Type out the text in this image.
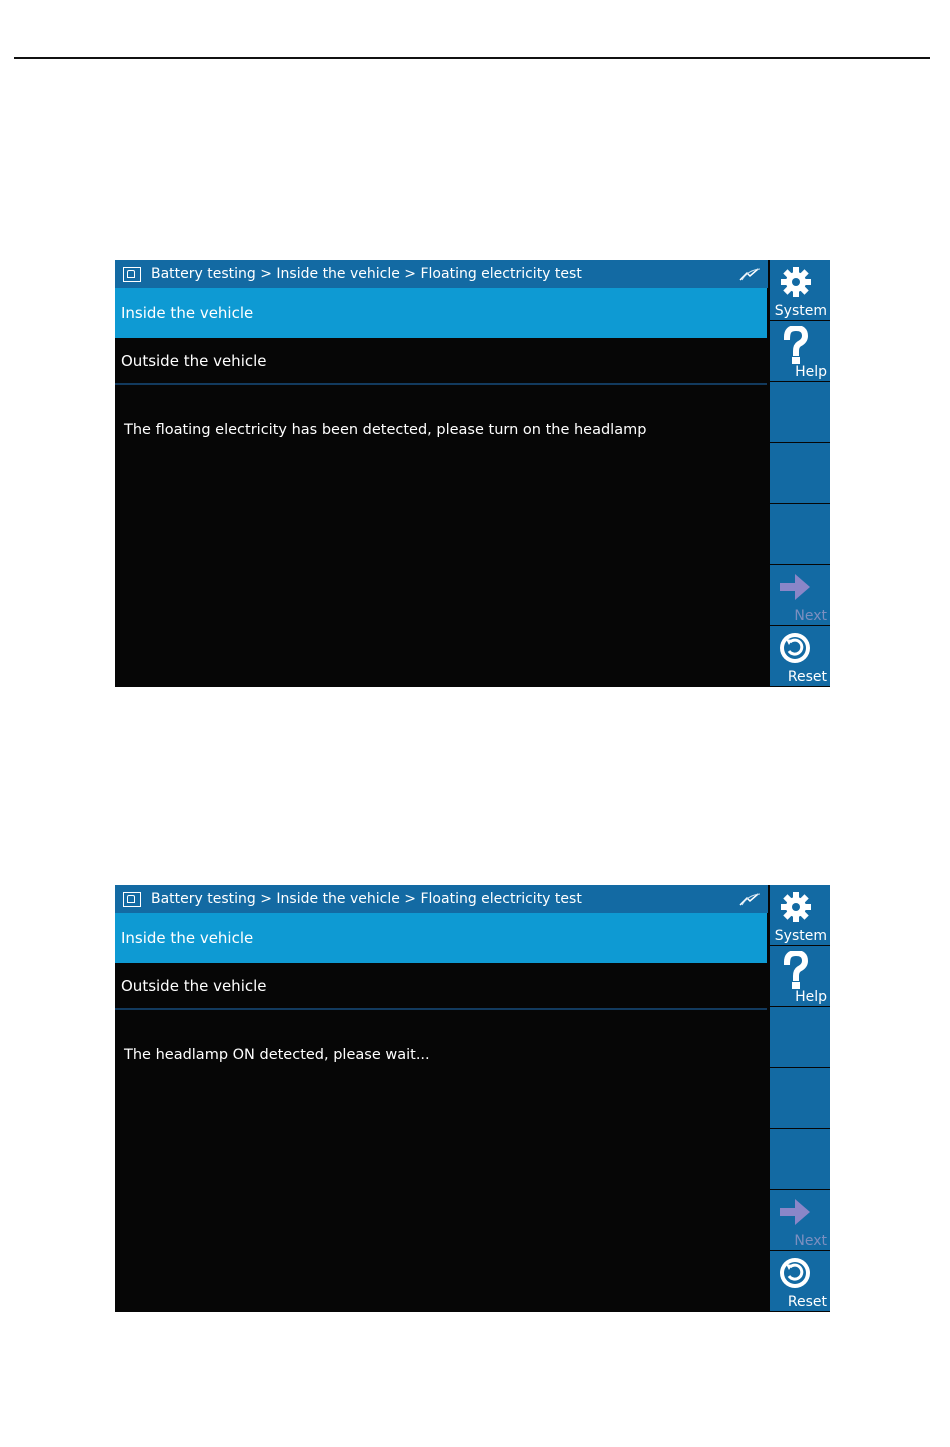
Battery testing > Inside the vehicle > Floating electricity test
Inside the vehicle
Outside the vehicle
The floating electricity has been detected, please turn on the headlamp
System
Help
Next
Reset
Battery testing > Inside the vehicle > Floating electricity test
Inside the vehicle
Outside the vehicle
The headlamp ON detected, please wait...
System
Help
Next
Reset
